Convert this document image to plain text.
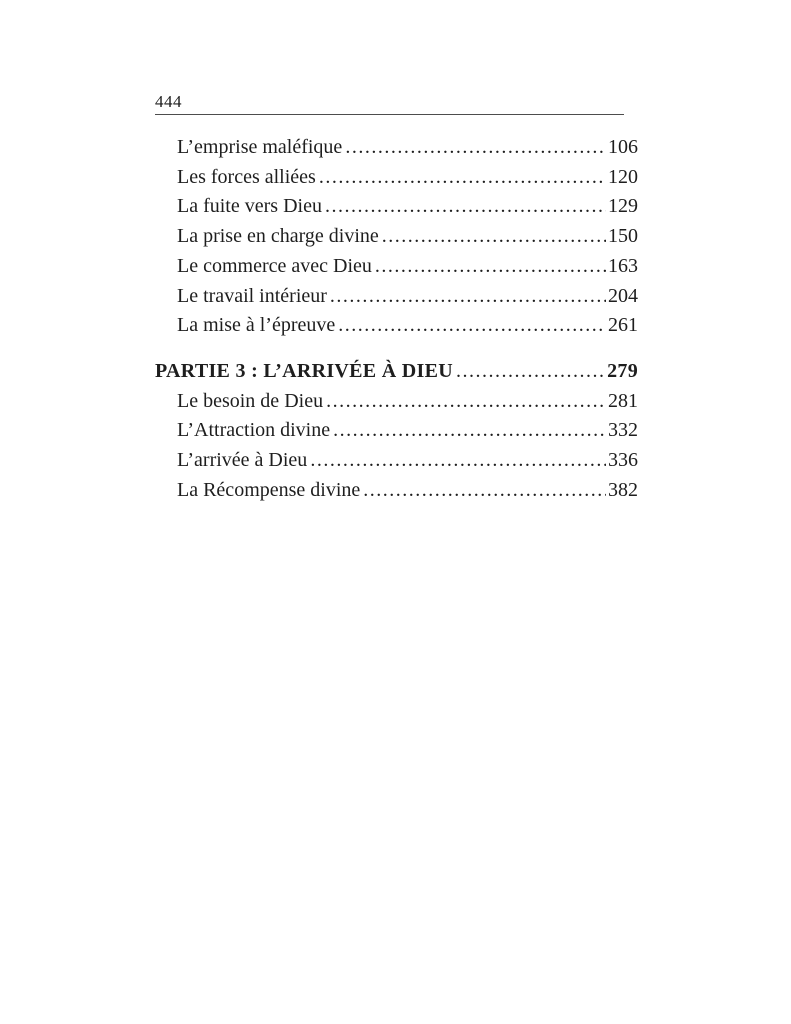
444
L’emprise maléfique .....	106
Les forces alliées .....	120
La fuite vers Dieu .....	129
La prise en charge divine .....	150
Le commerce avec Dieu .....	163
Le travail intérieur .....	204
La mise à l’épreuve .....	261
PARTIE 3 : L’ARRIVÉE À DIEU .....	279
Le besoin de Dieu .....	281
L’Attraction divine .....	332
L’arrivée à Dieu .....	336
La Récompense divine .....	382
